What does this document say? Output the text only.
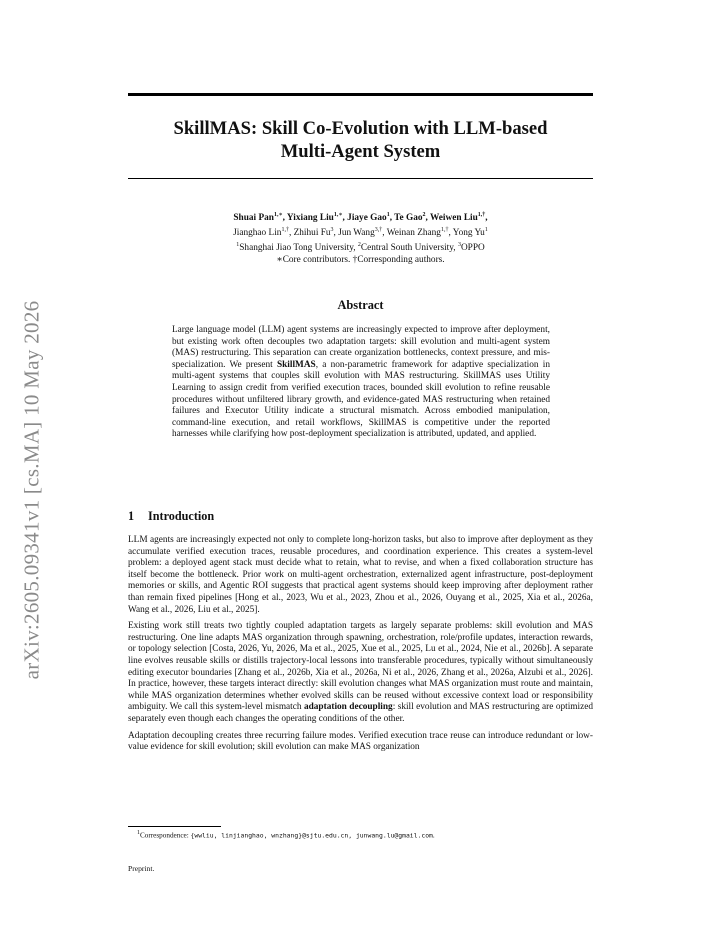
arXiv:2605.09341v1 [cs.MA] 10 May 2026
SkillMAS: Skill Co-Evolution with LLM-based
Multi-Agent System
Shuai Pan$^{1,∗}$, Yixiang Liu$^{1,∗}$, Jiaye Gao$^1$, Te Gao$^2$, Weiwen Liu$^{1,\dagger}$,
Jianghao Lin$^{1,\dagger}$, Zhihui Fu$^3$, Jun Wang$^{3,\dagger}$, Weinan Zhang$^{1,\dagger}$, Yong Yu$^1$
$^1$Shanghai Jiao Tong University, $^2$Central South University, $^3$OPPO
∗Core contributors. †Corresponding authors.
Abstract
Large language model (LLM) agent systems are increasingly expected to improve after deployment, but existing work often decouples two adaptation targets: skill evolution and multi-agent system (MAS) restructuring. This separation can create organization bottlenecks, context pressure, and mis-specialization. We present SkillMAS, a non-parametric framework for adaptive specialization in multi-agent systems that couples skill evolution with MAS restructuring. SkillMAS uses Utility Learning to assign credit from verified execution traces, bounded skill evolution to refine reusable procedures without unfiltered library growth, and evidence-gated MAS restructuring when retained failures and Executor Utility indicate a structural mismatch. Across embodied manipulation, command-line execution, and retail workflows, SkillMAS is competitive under the reported harnesses while clarifying how post-deployment specialization is attributed, updated, and applied.
1 Introduction

LLM agents are increasingly expected not only to complete long-horizon tasks, but also to improve after deployment as they accumulate verified execution traces, reusable procedures, and coordination experience. This creates a system-level problem: a deployed agent stack must decide what to retain, what to revise, and when a fixed collaboration structure has itself become the bottleneck. Prior work on multi-agent orchestration, externalized agent infrastructure, post-deployment memories or skills, and Agentic ROI suggests that practical agent systems should keep improving after deployment rather than remain fixed pipelines [Hong et al., 2023, Wu et al., 2023, Zhou et al., 2026, Ouyang et al., 2025, Xia et al., 2026a, Wang et al., 2026, Liu et al., 2025].

Existing work still treats two tightly coupled adaptation targets as largely separate problems: skill evolution and MAS restructuring. One line adapts MAS organization through spawning, orchestration, role/profile updates, interaction rewards, or topology selection [Costa, 2026, Yu, 2026, Ma et al., 2025, Xue et al., 2025, Lu et al., 2024, Nie et al., 2026b]. A separate line evolves reusable skills or distills trajectory-local lessons into transferable procedures, typically without simultaneously editing executor boundaries [Zhang et al., 2026b, Xia et al., 2026a, Ni et al., 2026, Zhang et al., 2026a, Alzubi et al., 2026]. In practice, however, these targets interact directly: skill evolution changes what MAS organization must route and maintain, while MAS organization determines whether evolved skills can be reused without excessive context load or responsibility ambiguity. We call this system-level mismatch adaptation decoupling: skill evolution and MAS restructuring are optimized separately even though each changes the operating conditions of the other.

Adaptation decoupling creates three recurring failure modes. Verified execution trace reuse can introduce redundant or low-value evidence for skill evolution; skill evolution can make MAS organization

$^1$Correspondence: {wwliu, linjianghao, wnzhang}@sjtu.edu.cn, junwang.lu@gmail.com.
Preprint.
